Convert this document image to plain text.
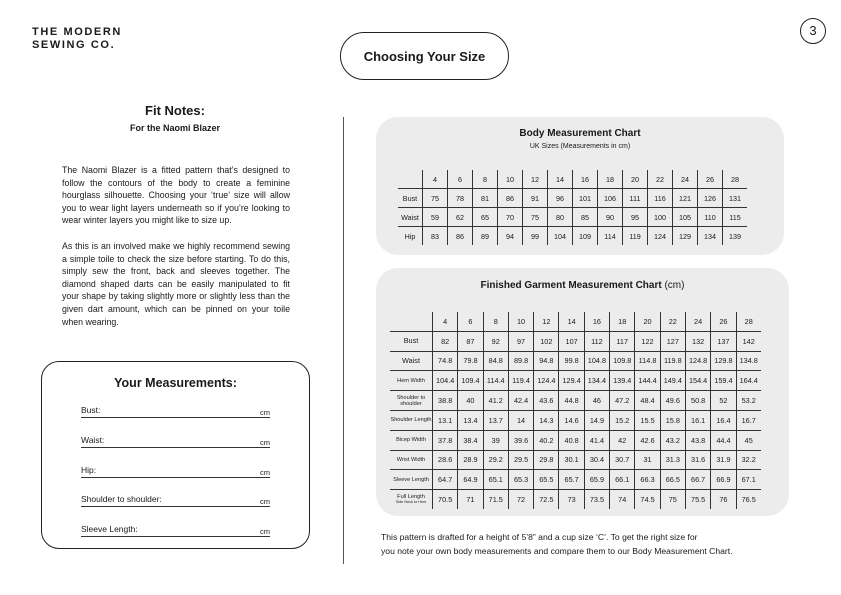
THE MODERN
SEWING CO.
3
Choosing Your Size
Fit Notes:
For the Naomi Blazer
The Naomi Blazer is a fitted pattern that’s designed to follow the contours of the body to create a feminine hourglass silhouette. Choosing your ‘true’ size will allow you to wear light layers underneath so if you’re looking to wear winter layers you might like to size up.
As this is an involved make we highly recommend sewing a simple toile to check the size before starting. To do this, simply sew the front, back and sleeves together. The diamond shaped darts can be easily manipulated to fit your shape by taking slightly more or slightly less than the given dart amount, which can be pinned on your toile when wearing.
Your Measurements:
Bust:	cm
Waist:	cm
Hip:	cm
Shoulder to shoulder:	cm
Sleeve Length:	cm
Body Measurement Chart
UK Sizes (Measurements in cm)
	4	6	8	10	12	14	16	18	20	22	24	26	28
Bust	75	78	81	86	91	96	101	106	111	116	121	126	131
Waist	59	62	65	70	75	80	85	90	95	100	105	110	115
Hip	83	86	89	94	99	104	109	114	119	124	129	134	139
Finished Garment Measurement Chart (cm)
	4	6	8	10	12	14	16	18	20	22	24	26	28
Bust	82	87	92	97	102	107	112	117	122	127	132	137	142
Waist	74.8	79.8	84.8	89.8	94.8	99.8	104.8	109.8	114.8	119.8	124.8	129.8	134.8
Hem Width	104.4	109.4	114.4	119.4	124.4	129.4	134.4	139.4	144.4	149.4	154.4	159.4	164.4
Shoulder to shoulder	38.8	40	41.2	42.4	43.6	44.8	46	47.2	48.4	49.6	50.8	52	53.2
Shoulder Length	13.1	13.4	13.7	14	14.3	14.6	14.9	15.2	15.5	15.8	16.1	16.4	16.7
Bicep Width	37.8	38.4	39	39.6	40.2	40.8	41.4	42	42.6	43.2	43.8	44.4	45
Wrist Width	28.6	28.9	29.2	29.5	29.8	30.1	30.4	30.7	31	31.3	31.6	31.9	32.2
Sleeve Length	64.7	64.9	65.1	65.3	65.5	65.7	65.9	66.1	66.3	66.5	66.7	66.9	67.1
Full Length
Side Neck to Hem	70.5	71	71.5	72	72.5	73	73.5	74	74.5	75	75.5	76	76.5
This pattern is drafted for a height of 5’8” and a cup size ‘C’. To get the right size for
you note your own body measurements and compare them to our Body Measurement Chart.
